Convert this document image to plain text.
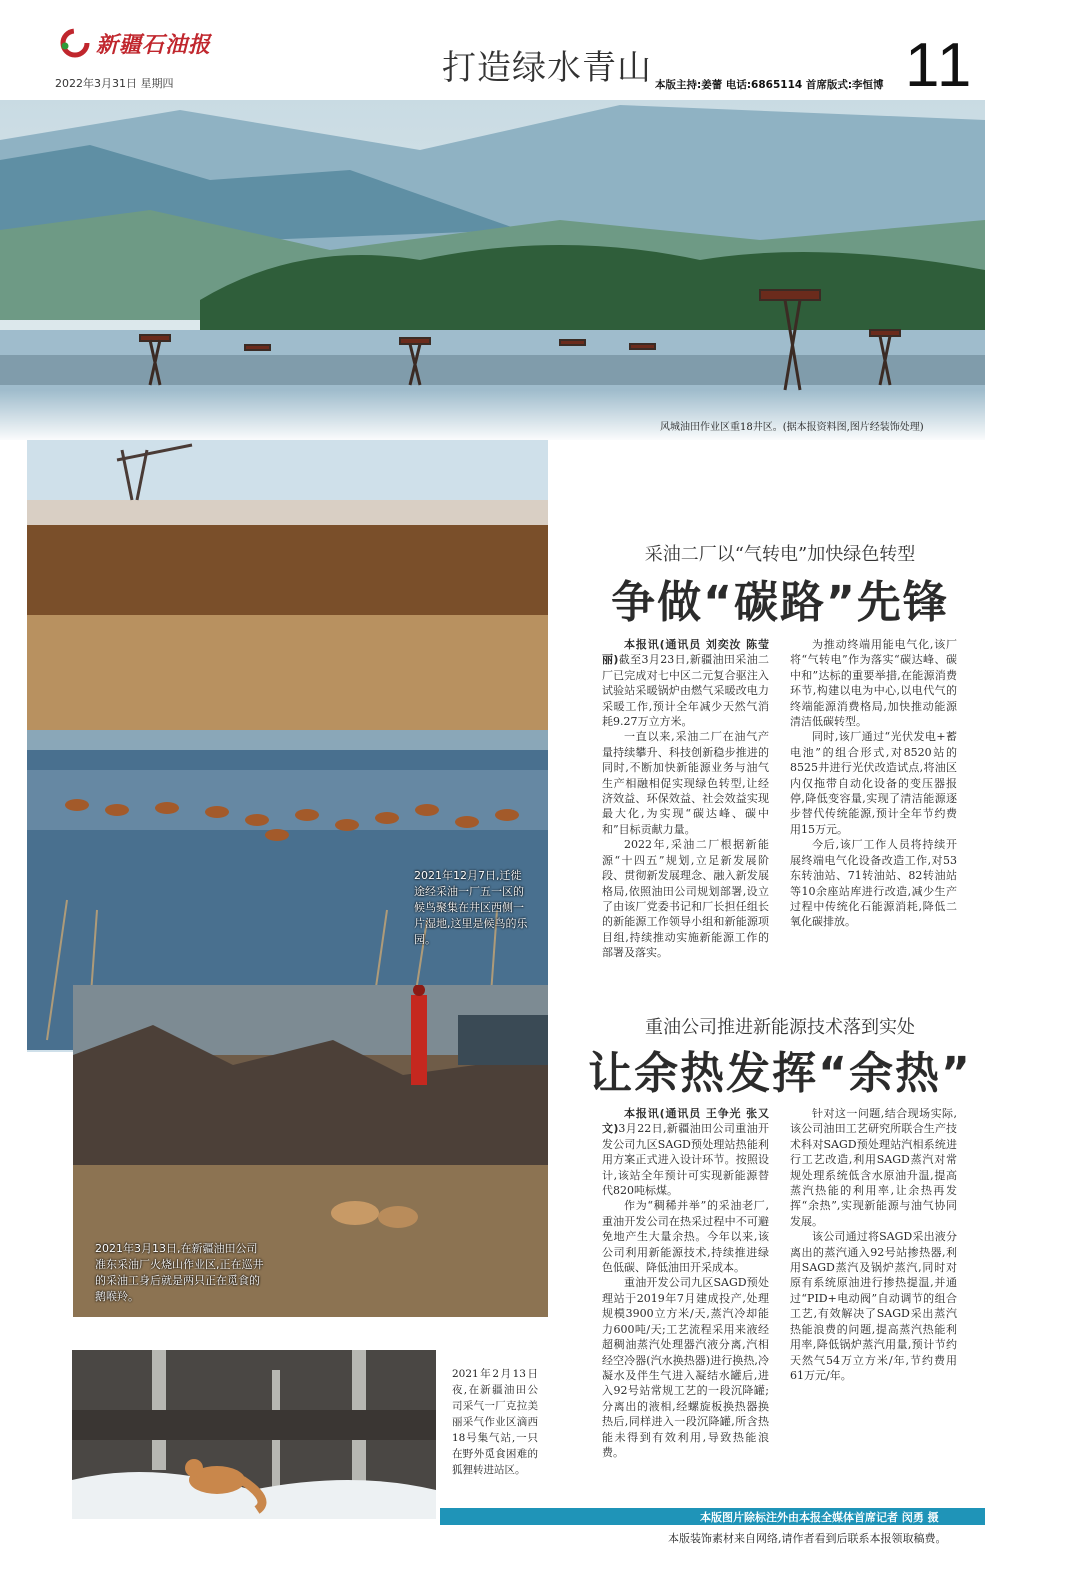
新疆石油报
2022年3月31日 星期四	打造绿水青山 本版主持:姜蕾 电话:6865114 首席版式:李恒博 11
风城油田作业区重18井区。(据本报资料图,图片经装饰处理)
2021年12月7日,迁徙途经采油一厂五一区的候鸟聚集在井区西侧一片湿地,这里是候鸟的乐园。
2021年3月13日,在新疆油田公司准东采油厂火烧山作业区,正在巡井的采油工身后就是两只正在觅食的鹅喉羚。
2021年2月13日夜,在新疆油田公司采气一厂克拉美丽采气作业区滴西18号集气站,一只在野外觅食困难的狐狸转进站区。
采油二厂以“气转电”加快绿色转型
争做“碳路”先锋

本报讯(通讯员 刘奕汝 陈莹丽)截至3月23日,新疆油田采油二厂已完成对七中区二元复合驱注入试验站采暖锅炉由燃气采暖改电力采暖工作,预计全年减少天然气消耗9.27万立方米。

一直以来,采油二厂在油气产量持续攀升、科技创新稳步推进的同时,不断加快新能源业务与油气生产相融相促实现绿色转型,让经济效益、环保效益、社会效益实现最大化,为实现“碳达峰、碳中和”目标贡献力量。

2022年,采油二厂根据新能源“十四五”规划,立足新发展阶段、贯彻新发展理念、融入新发展格局,依照油田公司规划部署,设立了由该厂党委书记和厂长担任组长的新能源工作领导小组和新能源项目组,持续推动实施新能源工作的部署及落实。

为推动终端用能电气化,该厂将“气转电”作为落实“碳达峰、碳中和”达标的重要举措,在能源消费环节,构建以电为中心,以电代气的终端能源消费格局,加快推动能源清洁低碳转型。

同时,该厂通过“光伏发电+蓄电池”的组合形式,对8520站的8525井进行光伏改造试点,将油区内仅拖带自动化设备的变压器报停,降低变容量,实现了清洁能源逐步替代传统能源,预计全年节约费用15万元。

今后,该厂工作人员将持续开展终端电气化设备改造工作,对53东转油站、71转油站、82转油站等10余座站库进行改造,减少生产过程中传统化石能源消耗,降低二氧化碳排放。

重油公司推进新能源技术落到实处
让余热发挥“余热”

本报讯(通讯员 王争光 张又文)3月22日,新疆油田公司重油开发公司九区SAGD预处理站热能利用方案正式进入设计环节。按照设计,该站全年预计可实现新能源替代820吨标煤。

作为“稠稀并举”的采油老厂,重油开发公司在热采过程中不可避免地产生大量余热。今年以来,该公司利用新能源技术,持续推进绿色低碳、降低油田开采成本。

重油开发公司九区SAGD预处理站于2019年7月建成投产,处理规模3900立方米/天,蒸汽冷却能力600吨/天;工艺流程采用来液经超稠油蒸汽处理器汽液分离,汽相经空冷器(汽水换热器)进行换热,冷凝水及伴生气进入凝结水罐后,进入92号站常规工艺的一段沉降罐;分离出的液相,经螺旋板换热器换热后,同样进入一段沉降罐,所含热能未得到有效利用,导致热能浪费。

针对这一问题,结合现场实际,该公司油田工艺研究所联合生产技术科对SAGD预处理站汽相系统进行工艺改造,利用SAGD蒸汽对常规处理系统低含水原油升温,提高蒸汽热能的利用率,让余热再发挥“余热”,实现新能源与油气协同发展。

该公司通过将SAGD采出液分离出的蒸汽通入92号站掺热器,利用SAGD蒸汽及锅炉蒸汽,同时对原有系统原油进行掺热提温,并通过“PID+电动阀”自动调节的组合工艺,有效解决了SAGD采出蒸汽热能浪费的问题,提高蒸汽热能利用率,降低锅炉蒸汽用量,预计节约天然气54万立方米/年,节约费用61万元/年。

本版图片除标注外由本报全媒体首席记者 闵勇 摄
本版装饰素材来自网络,请作者看到后联系本报领取稿费。
